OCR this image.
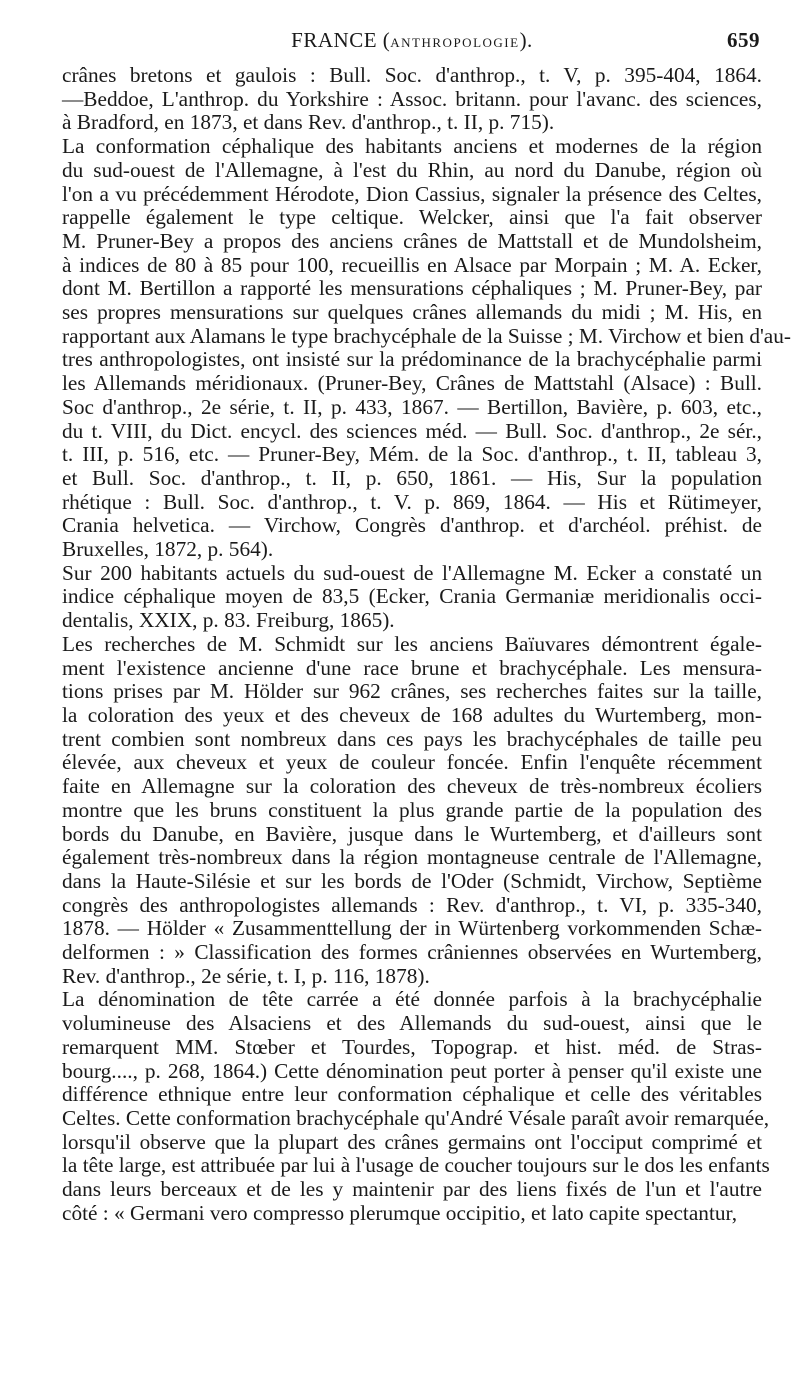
FRANCE (anthropologie).	659
crânes bretons et gaulois : Bull. Soc. d'anthrop., t. V, p. 395-404, 1864.
—Beddoe, L'anthrop. du Yorkshire : Assoc. britann. pour l'avanc. des sciences,
à Bradford, en 1873, et dans Rev. d'anthrop., t. II, p. 715).
La conformation céphalique des habitants anciens et modernes de la région
du sud-ouest de l'Allemagne, à l'est du Rhin, au nord du Danube, région où
l'on a vu précédemment Hérodote, Dion Cassius, signaler la présence des Celtes,
rappelle également le type celtique. Welcker, ainsi que l'a fait observer
M. Pruner-Bey a propos des anciens crânes de Mattstall et de Mundolsheim,
à indices de 80 à 85 pour 100, recueillis en Alsace par Morpain ; M. A. Ecker,
dont M. Bertillon a rapporté les mensurations céphaliques ; M. Pruner-Bey, par
ses propres mensurations sur quelques crânes allemands du midi ; M. His, en
rapportant aux Alamans le type brachycéphale de la Suisse ; M. Virchow et bien d'au-
tres anthropologistes, ont insisté sur la prédominance de la brachycéphalie parmi
les Allemands méridionaux. (Pruner-Bey, Crânes de Mattstahl (Alsace) : Bull.
Soc d'anthrop., 2e série, t. II, p. 433, 1867. — Bertillon, Bavière, p. 603, etc.,
du t. VIII, du Dict. encycl. des sciences méd. — Bull. Soc. d'anthrop., 2e sér.,
t. III, p. 516, etc. — Pruner-Bey, Mém. de la Soc. d'anthrop., t. II, tableau 3,
et Bull. Soc. d'anthrop., t. II, p. 650, 1861. — His, Sur la population
rhétique : Bull. Soc. d'anthrop., t. V. p. 869, 1864. — His et Rütimeyer,
Crania helvetica. — Virchow, Congrès d'anthrop. et d'archéol. préhist. de
Bruxelles, 1872, p. 564).
Sur 200 habitants actuels du sud-ouest de l'Allemagne M. Ecker a constaté un
indice céphalique moyen de 83,5 (Ecker, Crania Germaniæ meridionalis occi-
dentalis, XXIX, p. 83. Freiburg, 1865).
Les recherches de M. Schmidt sur les anciens Baïuvares démontrent égale-
ment l'existence ancienne d'une race brune et brachycéphale. Les mensura-
tions prises par M. Hölder sur 962 crânes, ses recherches faites sur la taille,
la coloration des yeux et des cheveux de 168 adultes du Wurtemberg, mon-
trent combien sont nombreux dans ces pays les brachycéphales de taille peu
élevée, aux cheveux et yeux de couleur foncée. Enfin l'enquête récemment
faite en Allemagne sur la coloration des cheveux de très-nombreux écoliers
montre que les bruns constituent la plus grande partie de la population des
bords du Danube, en Bavière, jusque dans le Wurtemberg, et d'ailleurs sont
également très-nombreux dans la région montagneuse centrale de l'Allemagne,
dans la Haute-Silésie et sur les bords de l'Oder (Schmidt, Virchow, Septième
congrès des anthropologistes allemands : Rev. d'anthrop., t. VI, p. 335-340,
1878. — Hölder « Zusammenttellung der in Würtenberg vorkommenden Schæ-
delformen : » Classification des formes crâniennes observées en Wurtemberg,
Rev. d'anthrop., 2e série, t. I, p. 116, 1878).
La dénomination de tête carrée a été donnée parfois à la brachycéphalie
volumineuse des Alsaciens et des Allemands du sud-ouest, ainsi que le
remarquent MM. Stœber et Tourdes, Topograp. et hist. méd. de Stras-
bourg...., p. 268, 1864.) Cette dénomination peut porter à penser qu'il existe une
différence ethnique entre leur conformation céphalique et celle des véritables
Celtes. Cette conformation brachycéphale qu'André Vésale paraît avoir remarquée,
lorsqu'il observe que la plupart des crânes germains ont l'occiput comprimé et
la tête large, est attribuée par lui à l'usage de coucher toujours sur le dos les enfants
dans leurs berceaux et de les y maintenir par des liens fixés de l'un et l'autre
côté : « Germani vero compresso plerumque occipitio, et lato capite spectantur,
